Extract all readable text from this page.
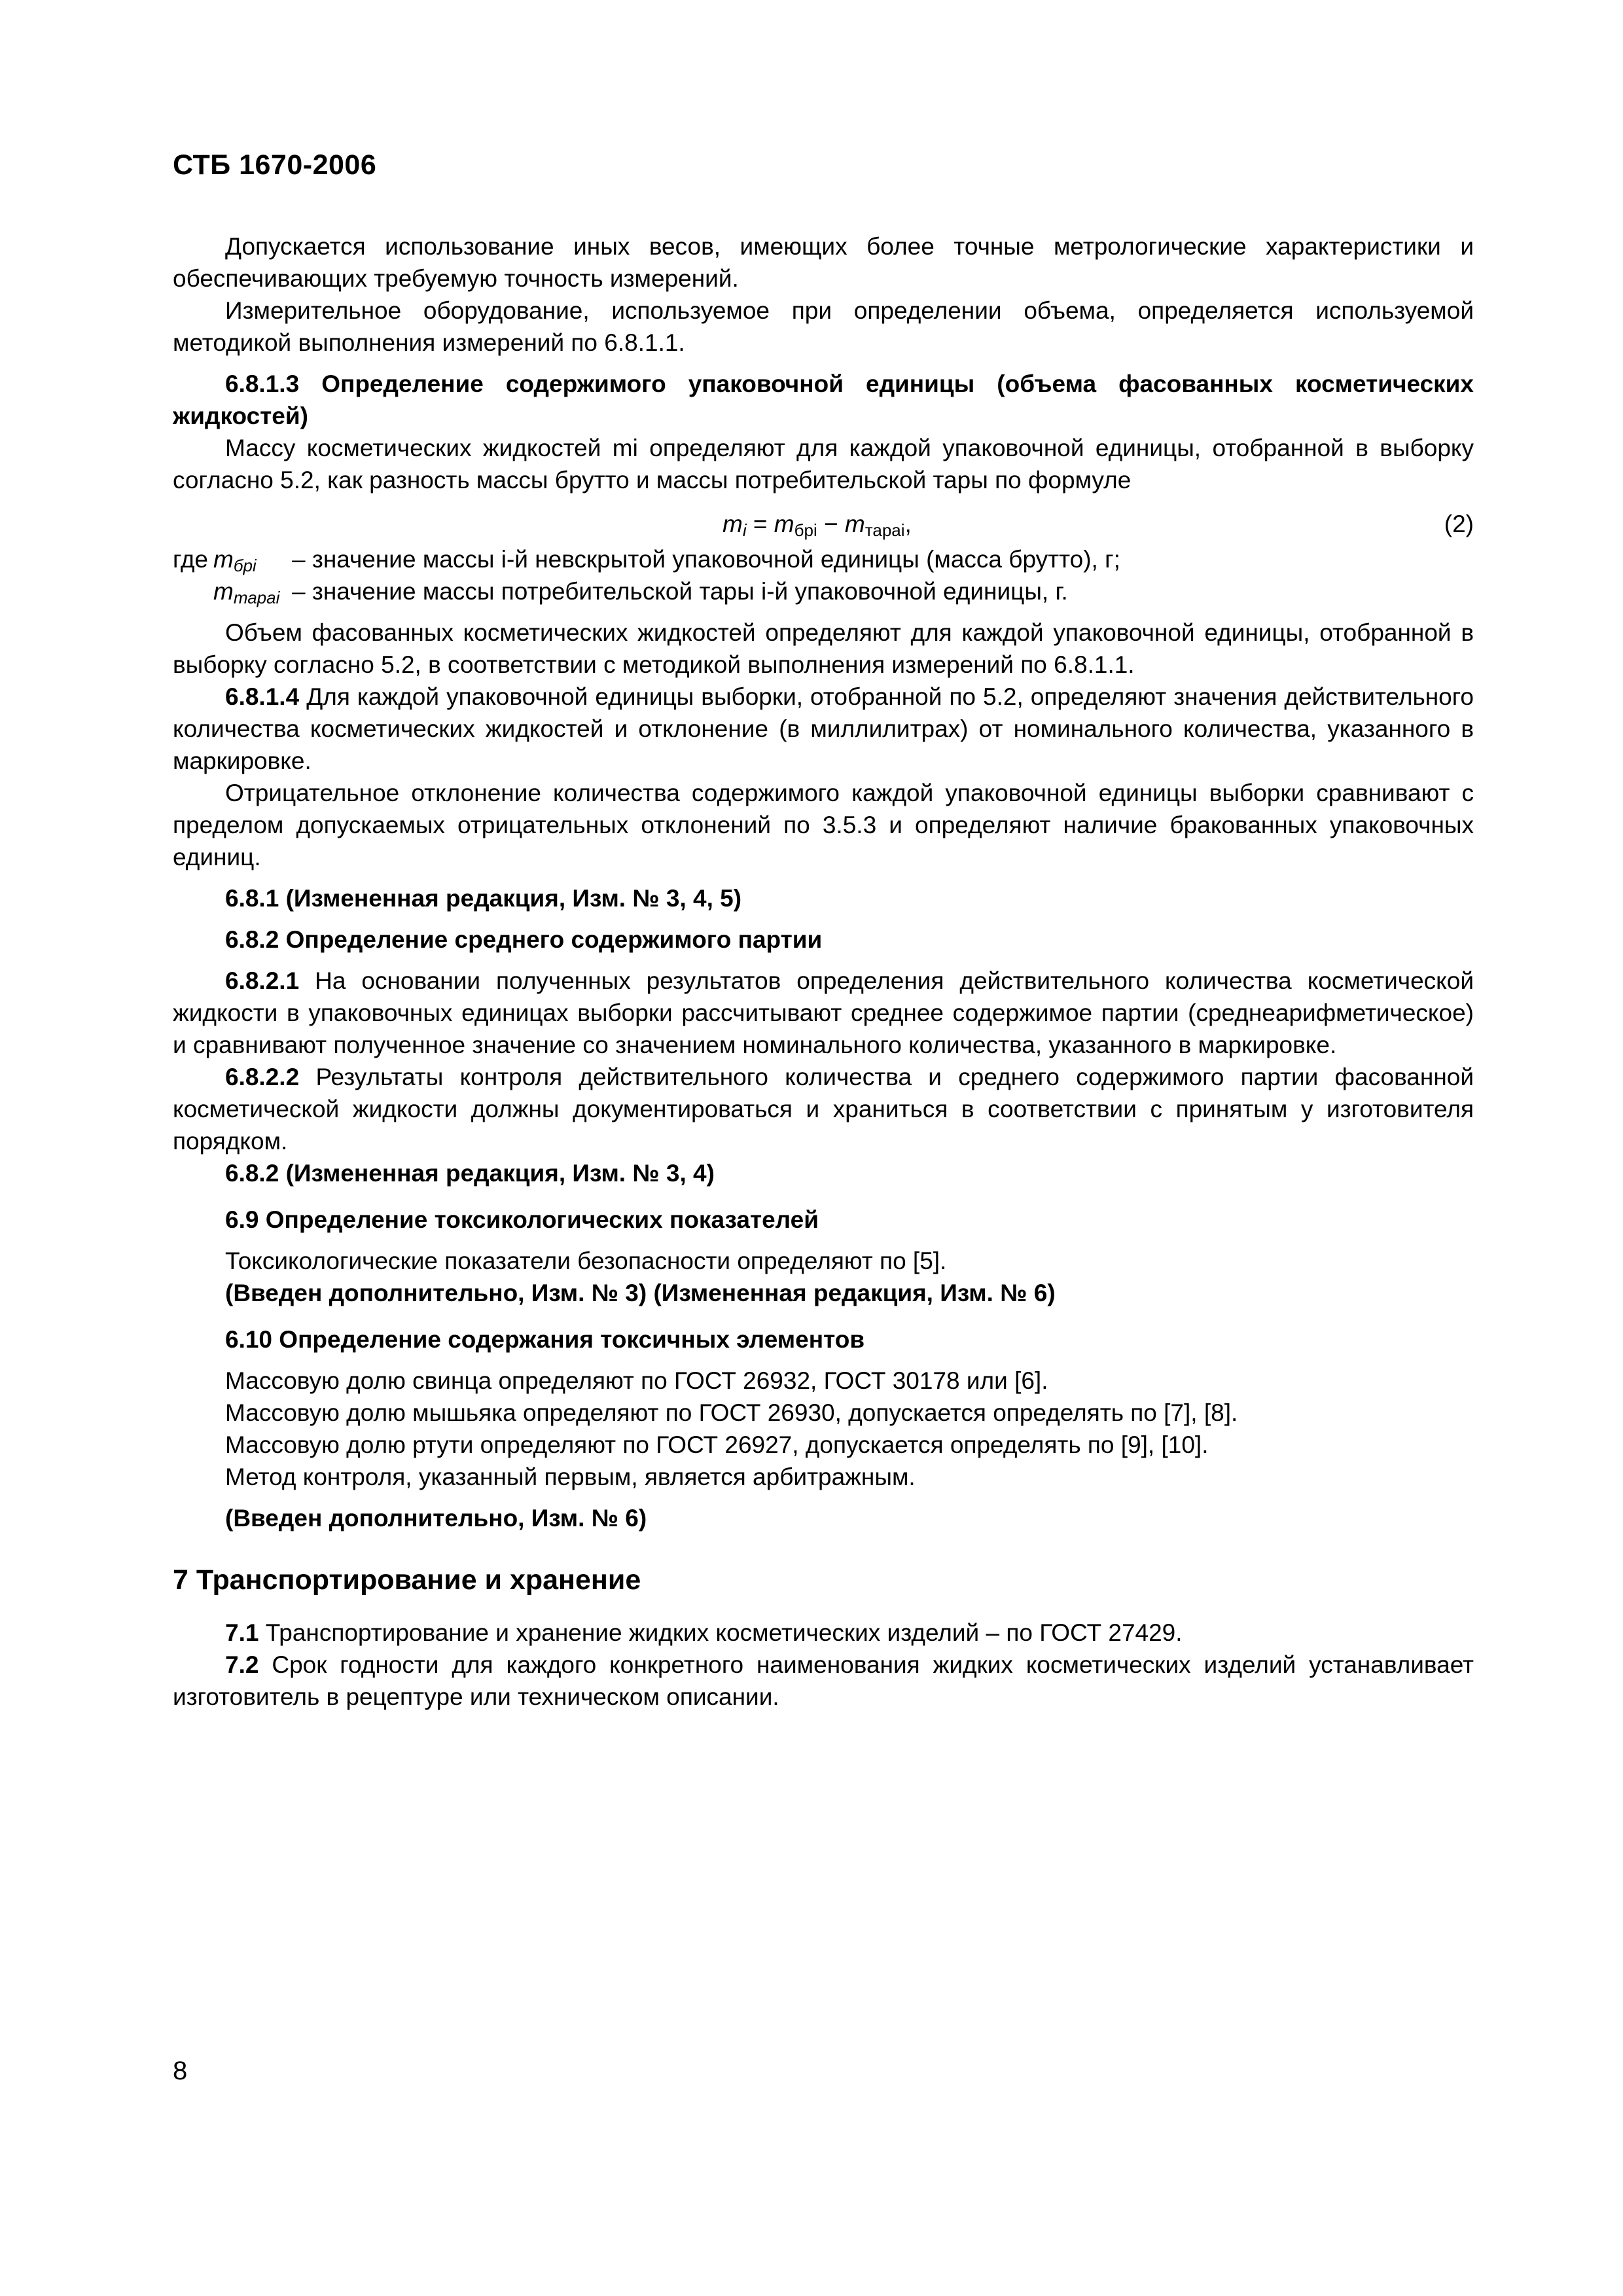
СТБ 1670-2006

Допускается использование иных весов, имеющих более точные метрологические характеристики и обеспечивающих требуемую точность измерений.

Измерительное оборудование, используемое при определении объема, определяется используемой методикой выполнения измерений по 6.8.1.1.

6.8.1.3 Определение содержимого упаковочной единицы (объема фасованных косметических жидкостей)

Массу косметических жидкостей mi определяют для каждой упаковочной единицы, отобранной в выборку согласно 5.2, как разность массы брутто и массы потребительской тары по формуле

$m_i = m_{брi} - m_{тараi}$,	(2)
где $m_{брi}$ – значение массы i-й невскрытой упаковочной единицы (масса брутто), г;
$m_{тараi}$ – значение массы потребительской тары i-й упаковочной единицы, г.

Объем фасованных косметических жидкостей определяют для каждой упаковочной единицы, отобранной в выборку согласно 5.2, в соответствии с методикой выполнения измерений по 6.8.1.1.

6.8.1.4 Для каждой упаковочной единицы выборки, отобранной по 5.2, определяют значения действительного количества косметических жидкостей и отклонение (в миллилитрах) от номинального количества, указанного в маркировке.

Отрицательное отклонение количества содержимого каждой упаковочной единицы выборки сравнивают с пределом допускаемых отрицательных отклонений по 3.5.3 и определяют наличие бракованных упаковочных единиц.

6.8.1 (Измененная редакция, Изм. № 3, 4, 5)

6.8.2 Определение среднего содержимого партии

6.8.2.1 На основании полученных результатов определения действительного количества косметической жидкости в упаковочных единицах выборки рассчитывают среднее содержимое партии (среднеарифметическое) и сравнивают полученное значение со значением номинального количества, указанного в маркировке.

6.8.2.2 Результаты контроля действительного количества и среднего содержимого партии фасованной косметической жидкости должны документироваться и храниться в соответствии с принятым у изготовителя порядком.

6.8.2 (Измененная редакция, Изм. № 3, 4)

6.9 Определение токсикологических показателей

Токсикологические показатели безопасности определяют по [5].

(Введен дополнительно, Изм. № 3) (Измененная редакция, Изм. № 6)

6.10 Определение содержания токсичных элементов

Массовую долю свинца определяют по ГОСТ 26932, ГОСТ 30178 или [6].

Массовую долю мышьяка определяют по ГОСТ 26930, допускается определять по [7], [8].

Массовую долю ртути определяют по ГОСТ 26927, допускается определять по [9], [10].

Метод контроля, указанный первым, является арбитражным.

(Введен дополнительно, Изм. № 6)

7 Транспортирование и хранение

7.1 Транспортирование и хранение жидких косметических изделий – по ГОСТ 27429.

7.2 Срок годности для каждого конкретного наименования жидких косметических изделий устанавливает изготовитель в рецептуре или техническом описании.

8
